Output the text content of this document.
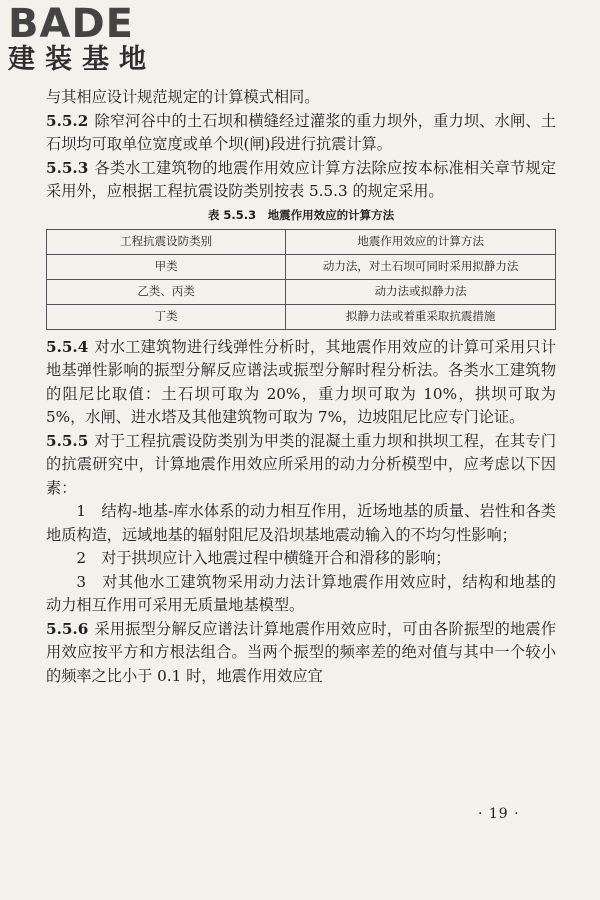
BADE
建装基地

与其相应设计规范规定的计算模式相同。

5.5.2 除窄河谷中的土石坝和横缝经过灌浆的重力坝外，重力坝、水闸、土石坝均可取单位宽度或单个坝(闸)段进行抗震计算。

5.5.3 各类水工建筑物的地震作用效应计算方法除应按本标准相关章节规定采用外，应根据工程抗震设防类别按表 5.5.3 的规定采用。

表 5.5.3　地震作用效应的计算方法
工程抗震设防类别	地震作用效应的计算方法
甲类	动力法，对土石坝可同时采用拟静力法
乙类、丙类	动力法或拟静力法
丁类	拟静力法或着重采取抗震措施

5.5.4 对水工建筑物进行线弹性分析时，其地震作用效应的计算可采用只计地基弹性影响的振型分解反应谱法或振型分解时程分析法。各类水工建筑物的阻尼比取值：土石坝可取为 20%，重力坝可取为 10%，拱坝可取为 5%，水闸、进水塔及其他建筑物可取为 7%，边坡阻尼比应专门论证。

5.5.5 对于工程抗震设防类别为甲类的混凝土重力坝和拱坝工程，在其专门的抗震研究中，计算地震作用效应所采用的动力分析模型中，应考虑以下因素：

1　结构-地基-库水体系的动力相互作用，近场地基的质量、岩性和各类地质构造，远域地基的辐射阻尼及沿坝基地震动输入的不均匀性影响；

2　对于拱坝应计入地震过程中横缝开合和滑移的影响；

3　对其他水工建筑物采用动力法计算地震作用效应时，结构和地基的动力相互作用可采用无质量地基模型。

5.5.6 采用振型分解反应谱法计算地震作用效应时，可由各阶振型的地震作用效应按平方和方根法组合。当两个振型的频率差的绝对值与其中一个较小的频率之比小于 0.1 时，地震作用效应宜

· 19 ·
